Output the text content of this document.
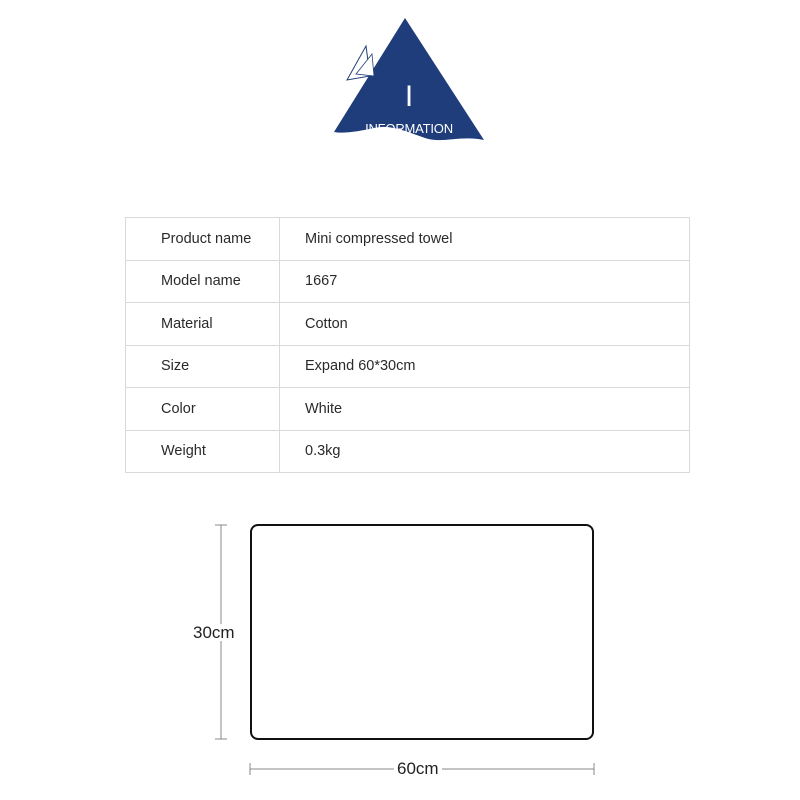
I
INFORMATION
Product name	Mini compressed towel
Model name	1667
Material	Cotton
Size	Expand 60*30cm
Color	White
Weight	0.3kg
30cm
60cm
